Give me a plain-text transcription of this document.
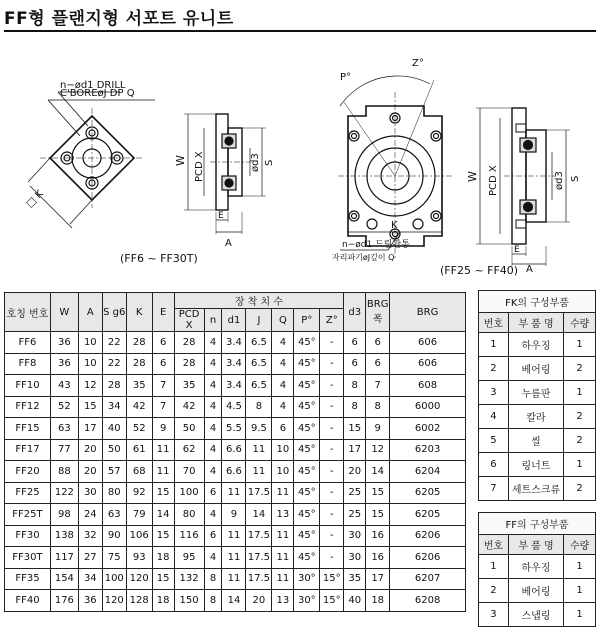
FF형 플랜지형 서포트 유니트
n−ød1 DRILL
C'BOREøJ DP Q
□ K
W PCD X	ød3 S
E
A
(FF6 ~ FF30T)
P°
Z°
W PCD X	ød3 S
K
E
A
n−ød1 드릴관통
자리파기øJ깊이 Q
(FF25 ~ FF40)
호칭 번호	W	A	S g6	K	E	장 착 치 수							d3	BRG 폭	BRG
						PCD X	n	d1	J	Q	P°	Z°			
FF6	36	10	22	28	6	28	4	3.4	6.5	4	45°	-	6	6	606
FF8	36	10	22	28	6	28	4	3.4	6.5	4	45°	-	6	6	606
FF10	43	12	28	35	7	35	4	3.4	6.5	4	45°	-	8	7	608
FF12	52	15	34	42	7	42	4	4.5	8	4	45°	-	8	8	6000
FF15	63	17	40	52	9	50	4	5.5	9.5	6	45°	-	15	9	6002
FF17	77	20	50	61	11	62	4	6.6	11	10	45°	-	17	12	6203
FF20	88	20	57	68	11	70	4	6.6	11	10	45°	-	20	14	6204
FF25	122	30	80	92	15	100	6	11	17.5	11	45°	-	25	15	6205
FF25T	98	24	63	79	14	80	4	9	14	13	45°	-	25	15	6205
FF30	138	32	90	106	15	116	6	11	17.5	11	45°	-	30	16	6206
FF30T	117	27	75	93	18	95	4	11	17.5	11	45°	-	30	16	6206
FF35	154	34	100	120	15	132	8	11	17.5	11	30°	15°	35	17	6207
FF40	176	36	120	128	18	150	8	14	20	13	30°	15°	40	18	6208
FK의 구성부품
번호	부 품 명	수량
1	하우징	1
2	베어링	2
3	누름판	1
4	칼라	2
5	씰	2
6	링너트	1
7	세트스크류	2
FF의 구성부품
번호	부 품 명	수량
1	하우징	1
2	베어링	1
3	스냅링	1
